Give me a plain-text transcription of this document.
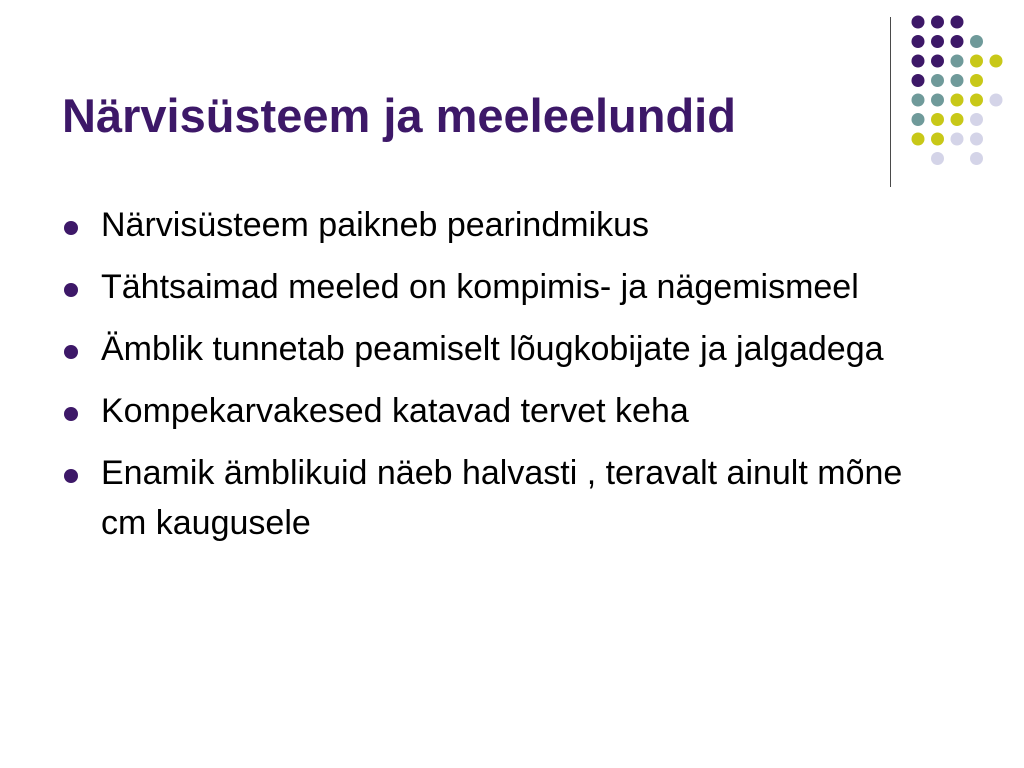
Närvisüsteem ja meeleelundid
Närvisüsteem paikneb pearindmikus
Tähtsaimad meeled on kompimis- ja nägemismeel
Ämblik tunnetab peamiselt lõugkobijate ja jalgadega
Kompekarvakesed katavad tervet keha
Enamik ämblikuid näeb halvasti , teravalt ainult mõne cm kaugusele
